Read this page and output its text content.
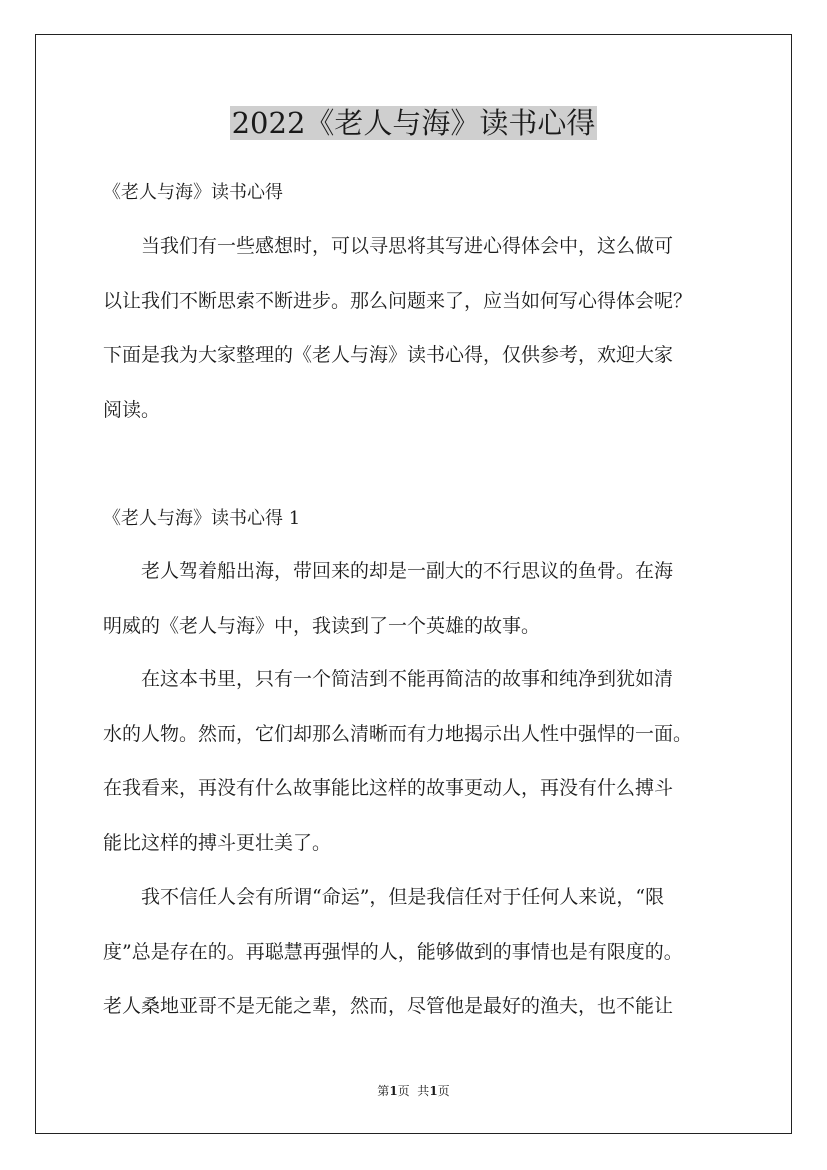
2022《老人与海》读书心得

《老人与海》读书心得

　　当我们有一些感想时，可以寻思将其写进心得体会中，这么做可
以让我们不断思索不断进步。那么问题来了，应当如何写心得体会呢？
下面是我为大家整理的《老人与海》读书心得，仅供参考，欢迎大家
阅读。

《老人与海》读书心得 1

　　老人驾着船出海，带回来的却是一副大的不行思议的鱼骨。在海
明威的《老人与海》中，我读到了一个英雄的故事。
　　在这本书里，只有一个简洁到不能再简洁的故事和纯净到犹如清
水的人物。然而，它们却那么清晰而有力地揭示出人性中强悍的一面。
在我看来，再没有什么故事能比这样的故事更动人，再没有什么搏斗
能比这样的搏斗更壮美了。
　　我不信任人会有所谓“命运”，但是我信任对于任何人来说，“限
度”总是存在的。再聪慧再强悍的人，能够做到的事情也是有限度的。
老人桑地亚哥不是无能之辈，然而，尽管他是最好的渔夫，也不能让
第1页  共1页
